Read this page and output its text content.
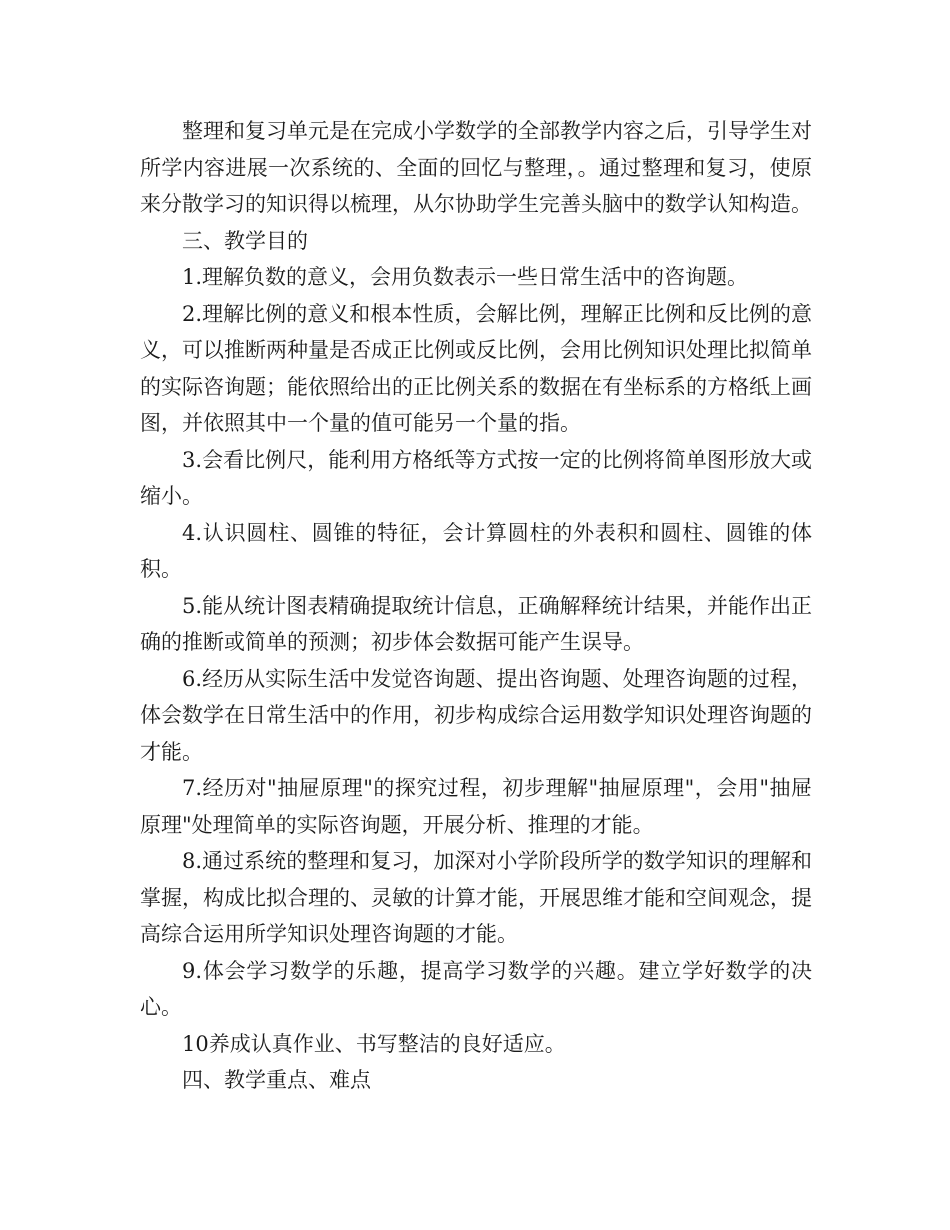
整理和复习单元是在完成小学数学的全部教学内容之后，引导学生对所学内容进展一次系统的、全面的回忆与整理，。通过整理和复习，使原来分散学习的知识得以梳理，从尔协助学生完善头脑中的数学认知构造。

三、教学目的

1.理解负数的意义，会用负数表示一些日常生活中的咨询题。

2.理解比例的意义和根本性质，会解比例，理解正比例和反比例的意义，可以推断两种量是否成正比例或反比例，会用比例知识处理比拟简单的实际咨询题；能依照给出的正比例关系的数据在有坐标系的方格纸上画图，并依照其中一个量的值可能另一个量的指。

3.会看比例尺，能利用方格纸等方式按一定的比例将简单图形放大或缩小。

4.认识圆柱、圆锥的特征，会计算圆柱的外表积和圆柱、圆锥的体积。

5.能从统计图表精确提取统计信息，正确解释统计结果，并能作出正确的推断或简单的预测；初步体会数据可能产生误导。

6.经历从实际生活中发觉咨询题、提出咨询题、处理咨询题的过程，体会数学在日常生活中的作用，初步构成综合运用数学知识处理咨询题的才能。

7.经历对"抽屉原理"的探究过程，初步理解"抽屉原理"，会用"抽屉原理"处理简单的实际咨询题，开展分析、推理的才能。

8.通过系统的整理和复习，加深对小学阶段所学的数学知识的理解和掌握，构成比拟合理的、灵敏的计算才能，开展思维才能和空间观念，提高综合运用所学知识处理咨询题的才能。

9.体会学习数学的乐趣，提高学习数学的兴趣。建立学好数学的决心。

10养成认真作业、书写整洁的良好适应。

四、教学重点、难点
